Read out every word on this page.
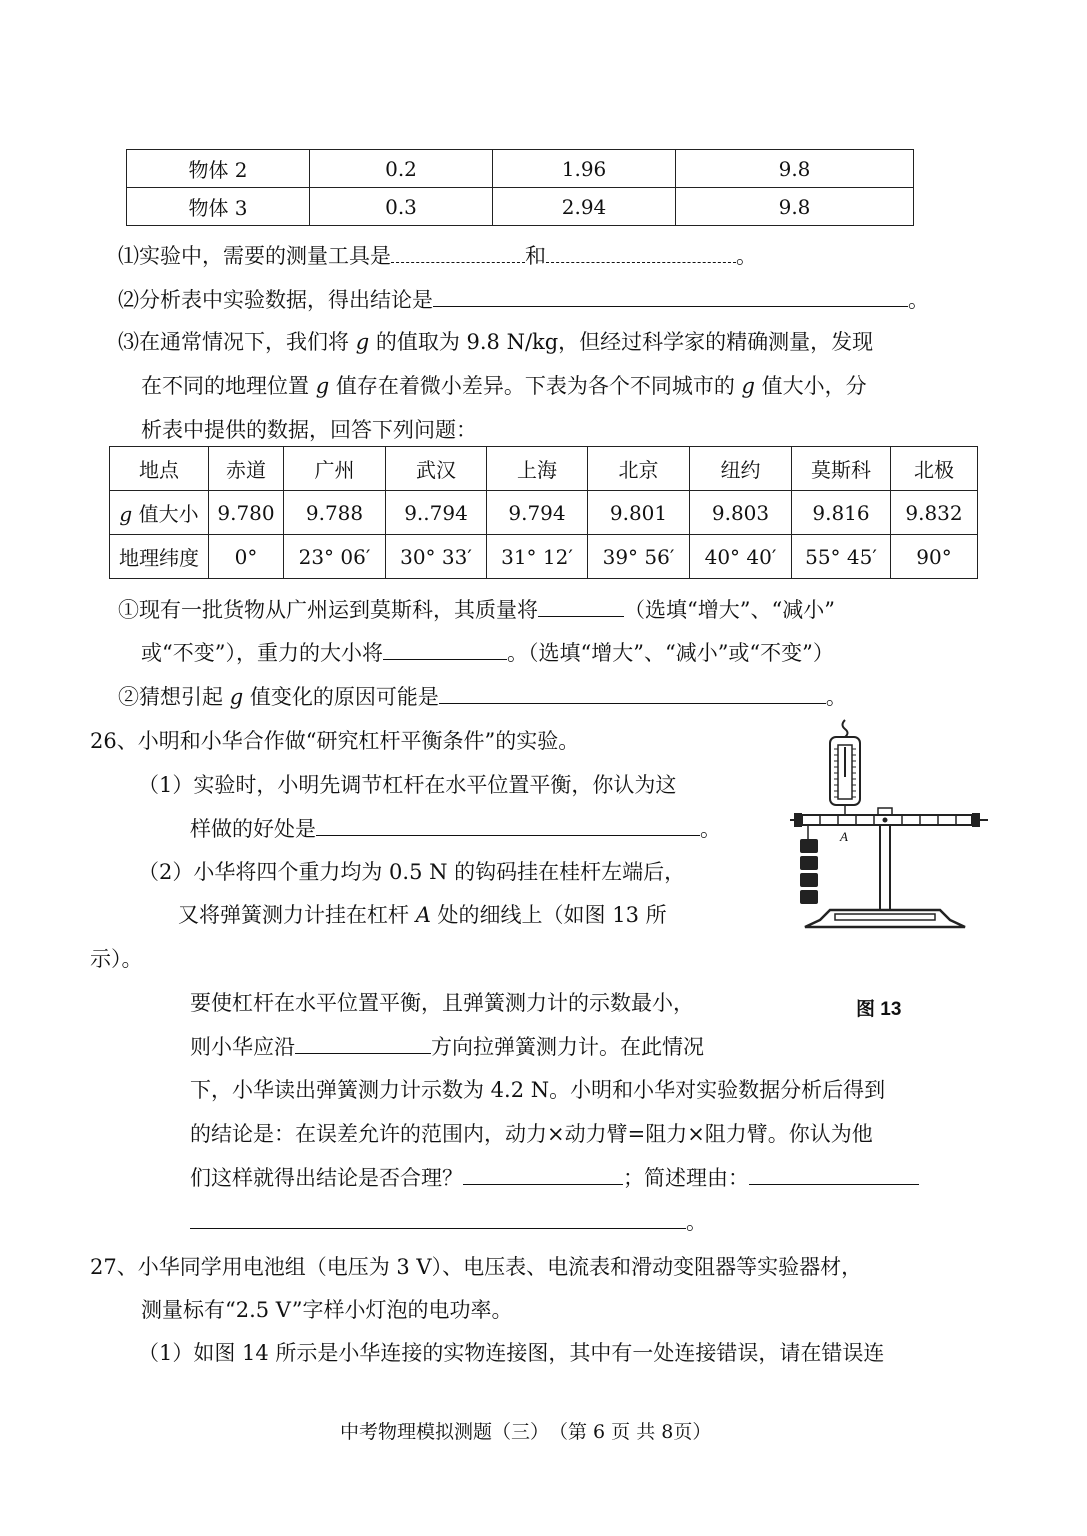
物体 2	0.2	1.96	9.8
物体 3	0.3	2.94	9.8
⑴实验中，需要的测量工具是	和	。
⑵分析表中实验数据，得出结论是	。
⑶在通常情况下，我们将 g 的值取为 9.8 N/kg，但经过科学家的精确测量，发现
在不同的地理位置 g 值存在着微小差异。下表为各个不同城市的 g 值大小，分
析表中提供的数据，回答下列问题：
地点	赤道	广州	武汉	上海	北京	纽约	莫斯科	北极
g 值大小	9.780	9.788	9..794	9.794	9.801	9.803	9.816	9.832
地理纬度	0°	23° 06′	30° 33′	31° 12′	39° 56′	40° 40′	55° 45′	90°
①现有一批货物从广州运到莫斯科，其质量将	（选填“增大”、“减小”
或“不变”），重力的大小将	。（选填“增大”、“减小”或“不变”）
②猜想引起 g 值变化的原因可能是	。
26、小明和小华合作做“研究杠杆平衡条件”的实验。
（1）实验时，小明先调节杠杆在水平位置平衡，你认为这
样做的好处是	。
（2）小华将四个重力均为 0.5 N 的钩码挂在桂杆左端后，
又将弹簧测力计挂在杠杆 A 处的细线上（如图 13 所
示）。
要使杠杆在水平位置平衡，且弹簧测力计的示数最小，
则小华应沿	方向拉弹簧测力计。在此情况
下，小华读出弹簧测力计示数为 4.2 N。小明和小华对实验数据分析后得到
的结论是：在误差允许的范围内，动力×动力臂=阻力×阻力臂。你认为他
们这样就得出结论是否合理？	；简述理由：
。
A
图 13
27、小华同学用电池组（电压为 3 V）、电压表、电流表和滑动变阻器等实验器材，
测量标有“2.5 V”字样小灯泡的电功率。
（1）如图 14 所示是小华连接的实物连接图，其中有一处连接错误，请在错误连
中考物理模拟测题（三）　（第 6 页 共 8页）
